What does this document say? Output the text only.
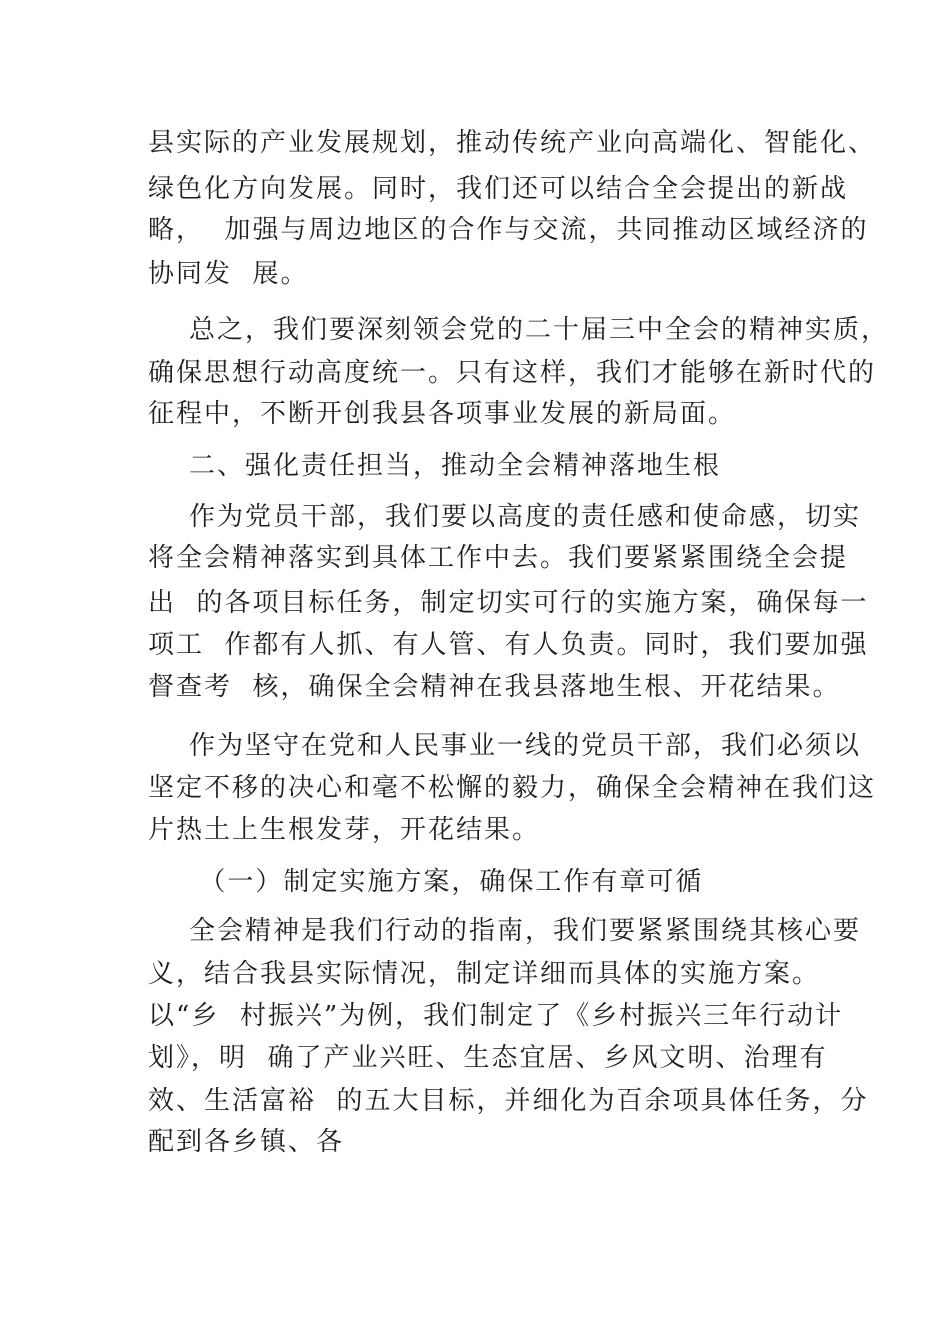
县实际的产业发展规划，推动传统产业向高端化、智能化、
绿色化方向发展。同时，我们还可以结合全会提出的新战
略，  加强与周边地区的合作与交流，共同推动区域经济的
协同发  展。
总之，我们要深刻领会党的二十届三中全会的精神实质，
确保思想行动高度统一。只有这样，我们才能够在新时代的
征程中，不断开创我县各项事业发展的新局面。
二、强化责任担当，推动全会精神落地生根
作为党员干部，我们要以高度的责任感和使命感，切实
将全会精神落实到具体工作中去。我们要紧紧围绕全会提
出  的各项目标任务，制定切实可行的实施方案，确保每一
项工  作都有人抓、有人管、有人负责。同时，我们要加强
督查考  核，确保全会精神在我县落地生根、开花结果。
作为坚守在党和人民事业一线的党员干部，我们必须以
坚定不移的决心和毫不松懈的毅力，确保全会精神在我们这
片热土上生根发芽，开花结果。
（一）制定实施方案，确保工作有章可循
全会精神是我们行动的指南，我们要紧紧围绕其核心要
义，结合我县实际情况，制定详细而具体的实施方案。
以“乡  村振兴”为例，我们制定了《乡村振兴三年行动计
划》，明  确了产业兴旺、生态宜居、乡风文明、治理有
效、生活富裕  的五大目标，并细化为百余项具体任务，分
配到各乡镇、各
